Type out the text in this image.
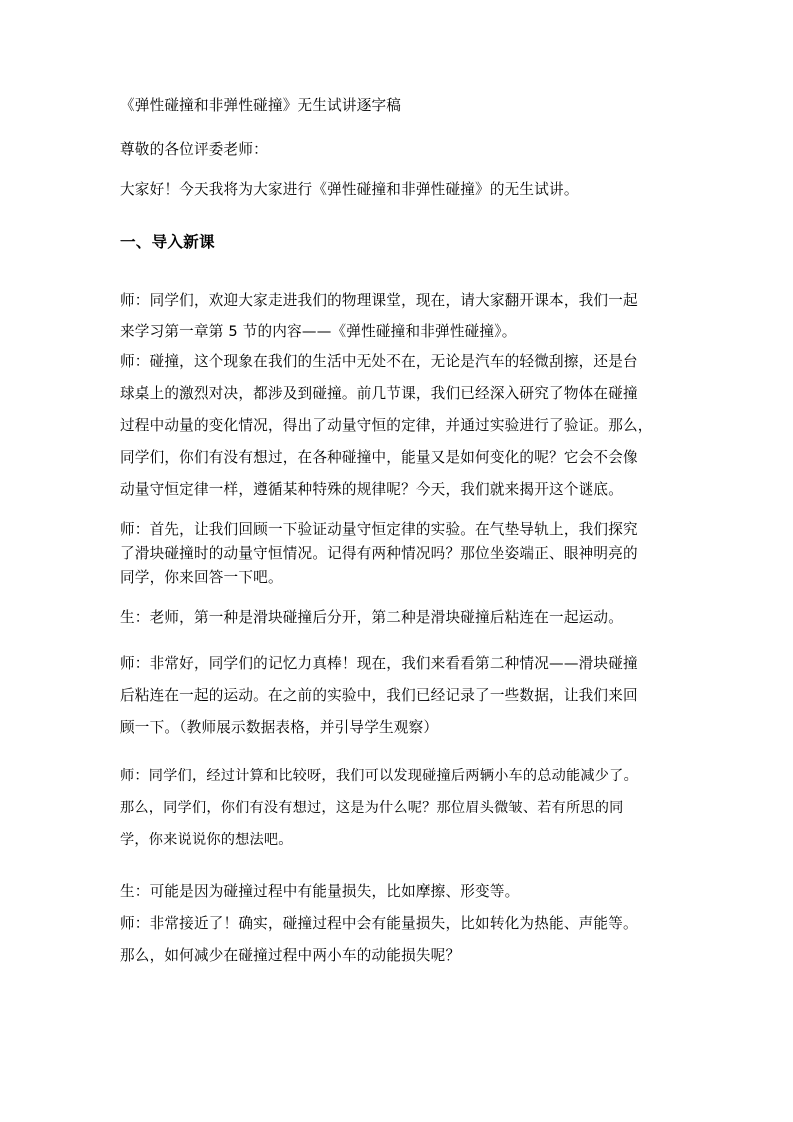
《弹性碰撞和非弹性碰撞》无生试讲逐字稿
尊敬的各位评委老师：
大家好！今天我将为大家进行《弹性碰撞和非弹性碰撞》的无生试讲。
一、导入新课
师：同学们，欢迎大家走进我们的物理课堂，现在，请大家翻开课本，我们一起
来学习第一章第 5 节的内容——《弹性碰撞和非弹性碰撞》。
师：碰撞，这个现象在我们的生活中无处不在，无论是汽车的轻微刮擦，还是台
球桌上的激烈对决，都涉及到碰撞。前几节课，我们已经深入研究了物体在碰撞
过程中动量的变化情况，得出了动量守恒的定律，并通过实验进行了验证。那么，
同学们，你们有没有想过，在各种碰撞中，能量又是如何变化的呢？它会不会像
动量守恒定律一样，遵循某种特殊的规律呢？今天，我们就来揭开这个谜底。
师：首先，让我们回顾一下验证动量守恒定律的实验。在气垫导轨上，我们探究
了滑块碰撞时的动量守恒情况。记得有两种情况吗？那位坐姿端正、眼神明亮的
同学，你来回答一下吧。
生：老师，第一种是滑块碰撞后分开，第二种是滑块碰撞后粘连在一起运动。
师：非常好，同学们的记忆力真棒！现在，我们来看看第二种情况——滑块碰撞
后粘连在一起的运动。在之前的实验中，我们已经记录了一些数据，让我们来回
顾一下。（教师展示数据表格，并引导学生观察）
师：同学们，经过计算和比较呀，我们可以发现碰撞后两辆小车的总动能减少了。
那么，同学们，你们有没有想过，这是为什么呢？那位眉头微皱、若有所思的同
学，你来说说你的想法吧。
生：可能是因为碰撞过程中有能量损失，比如摩擦、形变等。
师：非常接近了！确实，碰撞过程中会有能量损失，比如转化为热能、声能等。
那么，如何减少在碰撞过程中两小车的动能损失呢？
